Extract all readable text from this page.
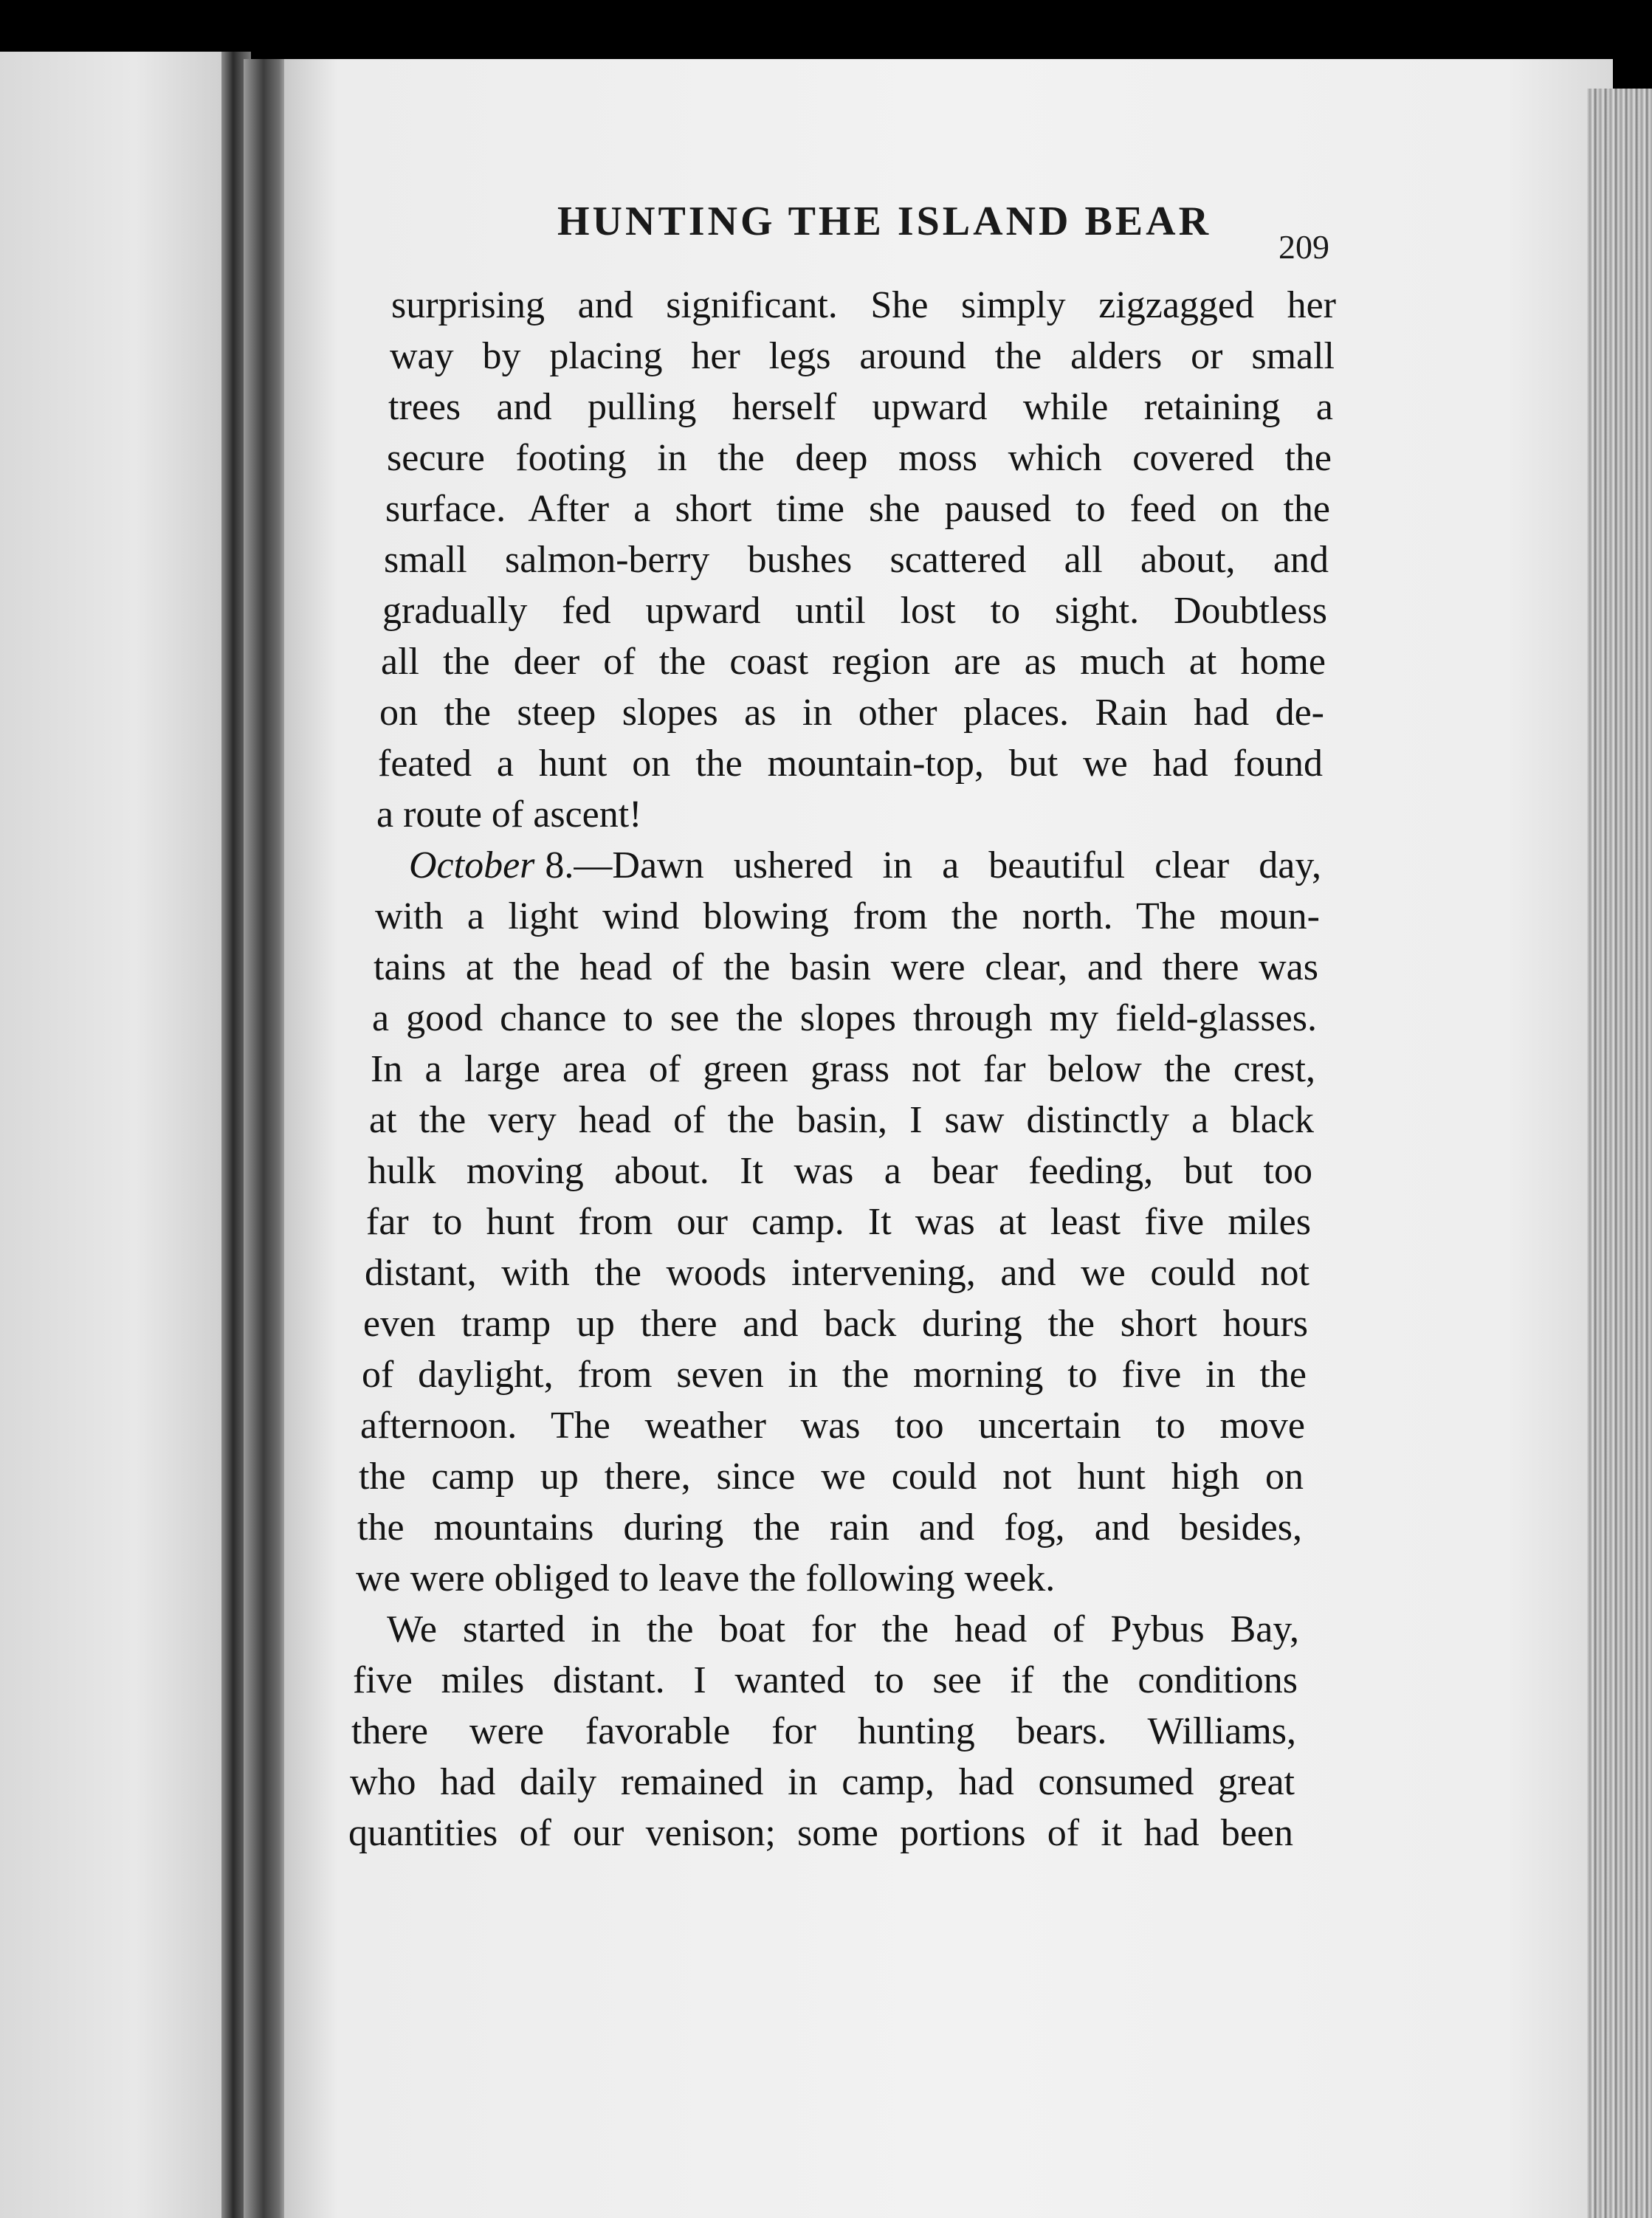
HUNTING THE ISLAND BEAR
209
surprising and significant. She simply zigzagged her
way by placing her legs around the alders or small
trees and pulling herself upward while retaining a
secure footing in the deep moss which covered the
surface. After a short time she paused to feed on the
small salmon-berry bushes scattered all about, and
gradually fed upward until lost to sight. Doubtless
all the deer of the coast region are as much at home
on the steep slopes as in other places. Rain had de-
feated a hunt on the mountain-top, but we had found
a route of ascent!
October 8.—Dawn ushered in a beautiful clear day,
with a light wind blowing from the north. The moun-
tains at the head of the basin were clear, and there was
a good chance to see the slopes through my field-glasses.
In a large area of green grass not far below the crest,
at the very head of the basin, I saw distinctly a black
hulk moving about. It was a bear feeding, but too
far to hunt from our camp. It was at least five miles
distant, with the woods intervening, and we could not
even tramp up there and back during the short hours
of daylight, from seven in the morning to five in the
afternoon. The weather was too uncertain to move
the camp up there, since we could not hunt high on
the mountains during the rain and fog, and besides,
we were obliged to leave the following week.
We started in the boat for the head of Pybus Bay,
five miles distant. I wanted to see if the conditions
there were favorable for hunting bears. Williams,
who had daily remained in camp, had consumed great
quantities of our venison; some portions of it had been
